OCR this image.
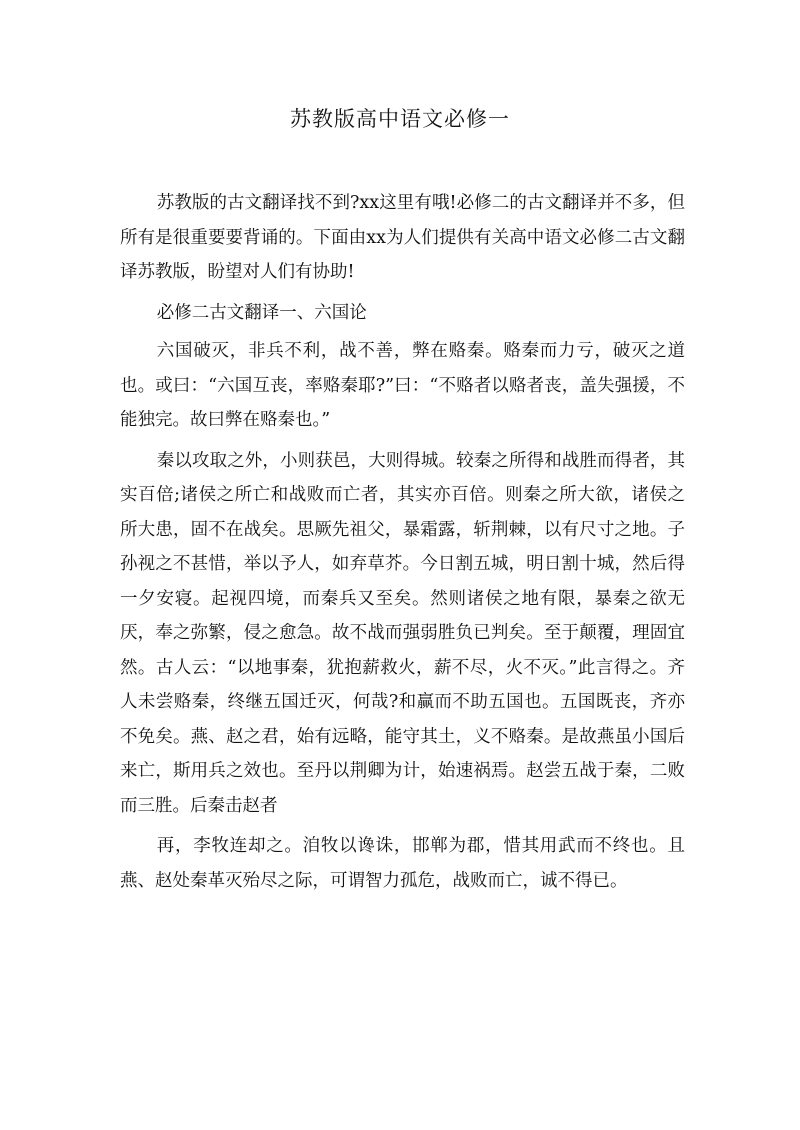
苏教版高中语文必修一

苏教版的古文翻译找不到?xx这里有哦!必修二的古文翻译并不多，但所有是很重要要背诵的。下面由xx为人们提供有关高中语文必修二古文翻译苏教版，盼望对人们有协助!

必修二古文翻译一、六国论

六国破灭，非兵不利，战不善，弊在赂秦。赂秦而力亏，破灭之道也。或曰：“六国互丧，率赂秦耶?”曰：“不赂者以赂者丧，盖失强援，不能独完。故曰弊在赂秦也。”

秦以攻取之外，小则获邑，大则得城。较秦之所得和战胜而得者，其实百倍;诸侯之所亡和战败而亡者，其实亦百倍。则秦之所大欲，诸侯之所大患，固不在战矣。思厥先祖父，暴霜露，斩荆棘，以有尺寸之地。子孙视之不甚惜，举以予人，如弃草芥。今日割五城，明日割十城，然后得一夕安寝。起视四境，而秦兵又至矣。然则诸侯之地有限，暴秦之欲无厌，奉之弥繁，侵之愈急。故不战而强弱胜负已判矣。至于颠覆，理固宜然。古人云：“以地事秦，犹抱薪救火，薪不尽，火不灭。”此言得之。齐人未尝赂秦，终继五国迁灭，何哉?和赢而不助五国也。五国既丧，齐亦不免矣。燕、赵之君，始有远略，能守其土，义不赂秦。是故燕虽小国后来亡，斯用兵之效也。至丹以荆卿为计，始速祸焉。赵尝五战于秦，二败而三胜。后秦击赵者

再，李牧连却之。洎牧以谗诛，邯郸为郡，惜其用武而不终也。且燕、赵处秦革灭殆尽之际，可谓智力孤危，战败而亡，诚不得已。
